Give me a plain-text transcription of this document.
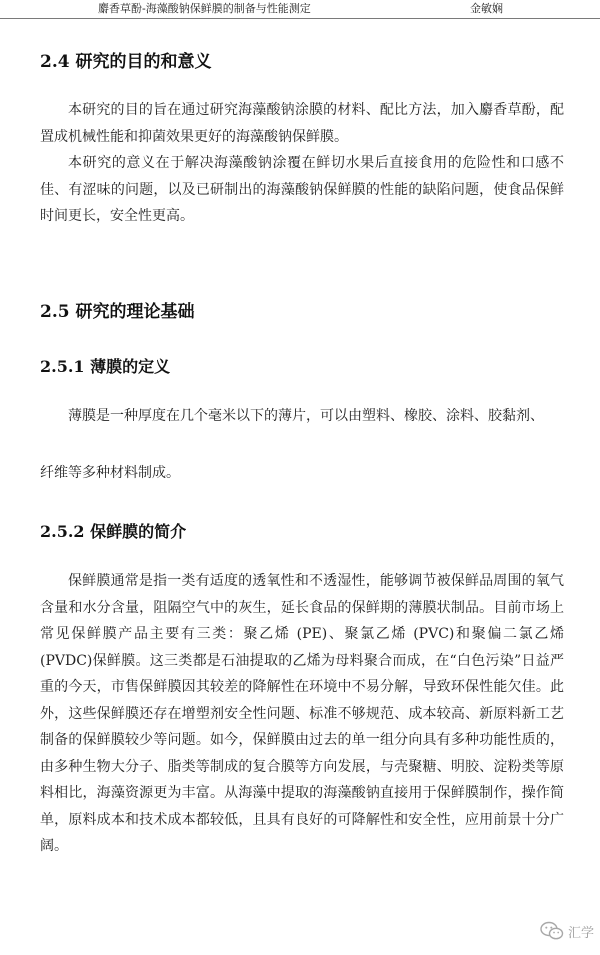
麝香草酚-海藻酸钠保鲜膜的制备与性能测定	金敏娴
2.4 研究的目的和意义

本研究的目的旨在通过研究海藻酸钠涂膜的材料、配比方法，加入麝香草酚，配置成机械性能和抑菌效果更好的海藻酸钠保鲜膜。

本研究的意义在于解决海藻酸钠涂覆在鲜切水果后直接食用的危险性和口感不佳、有涩味的问题，以及已研制出的海藻酸钠保鲜膜的性能的缺陷问题，使食品保鲜时间更长，安全性更高。

2.5 研究的理论基础
2.5.1 薄膜的定义

薄膜是一种厚度在几个毫米以下的薄片，可以由塑料、橡胶、涂料、胶黏剂、

纤维等多种材料制成。

2.5.2 保鲜膜的简介

保鲜膜通常是指一类有适度的透氧性和不透湿性，能够调节被保鲜品周围的氧气含量和水分含量，阻隔空气中的灰生，延长食品的保鲜期的薄膜状制品。目前市场上常见保鲜膜产品主要有三类：聚乙烯 (PE)、聚氯乙烯 (PVC)和聚偏二氯乙烯 (PVDC)保鲜膜。这三类都是石油提取的乙烯为母料聚合而成，在“白色污染”日益严重的今天，市售保鲜膜因其较差的降解性在环境中不易分解，导致环保性能欠佳。此外，这些保鲜膜还存在增塑剂安全性问题、标准不够规范、成本较高、新原料新工艺制备的保鲜膜较少等问题。如今，保鲜膜由过去的单一组分向具有多种功能性质的，由多种生物大分子、脂类等制成的复合膜等方向发展，与壳聚糖、明胶、淀粉类等原料相比，海藻资源更为丰富。从海藻中提取的海藻酸钠直接用于保鲜膜制作，操作简单，原料成本和技术成本都较低，且具有良好的可降解性和安全性，应用前景十分广阔。

汇学
